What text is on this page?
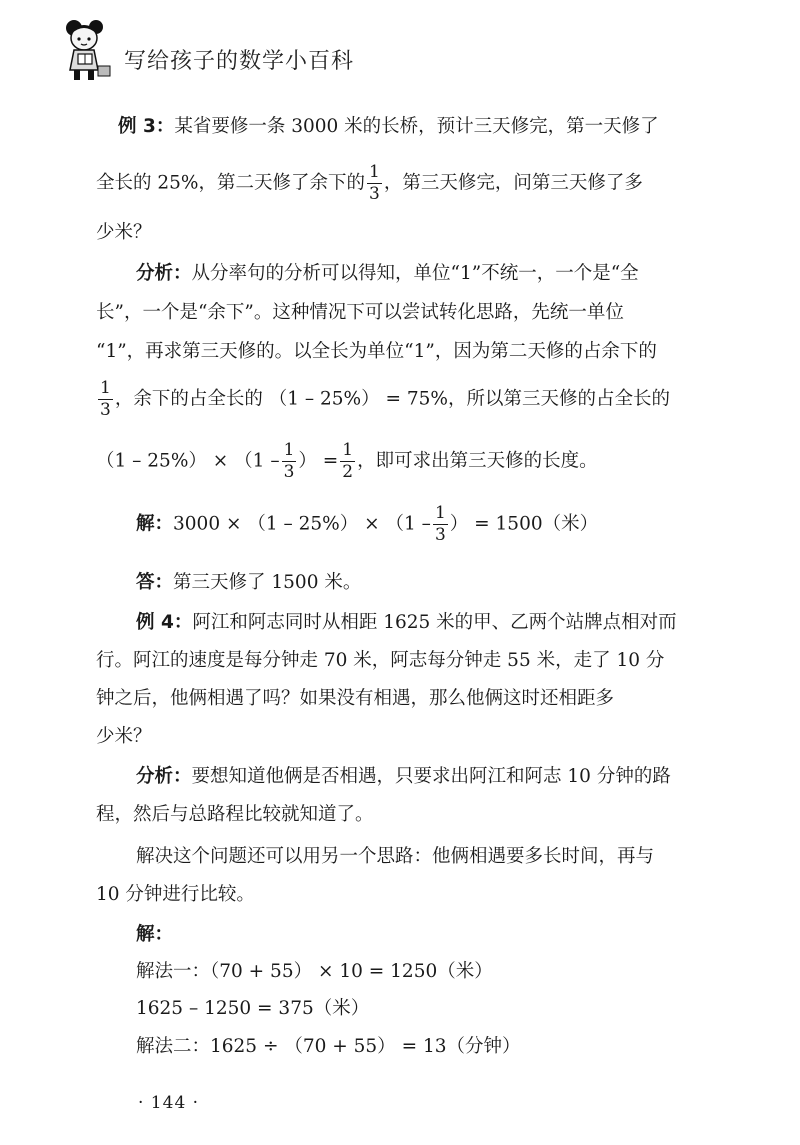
写给孩子的数学小百科
例 3：某省要修一条 3000 米的长桥，预计三天修完，第一天修了
全长的 25%，第二天修了余下的 $\frac{1}{3}$ ，第三天修完，问第三天修了多
少米？
分析：从分率句的分析可以得知，单位“1”不统一，一个是“全
长”，一个是“余下”。这种情况下可以尝试转化思路，先统一单位
“1”，再求第三天修的。以全长为单位“1”，因为第二天修的占余下的
$\frac{1}{3}$ ，余下的占全长的 （1 – 25%） = 75%，所以第三天修的占全长的
$(1 - 25\%) \times (1 - \frac{1}{3}$ ） = $\frac{1}{2}$ ，即可求出第三天修的长度。
解：$3000 \times (1 - 25\%) \times (1 - \frac{1}{3}$ ） = 1500（米）
答：第三天修了 1500 米。
例 4：阿江和阿志同时从相距 1625 米的甲、乙两个站牌点相对而
行。阿江的速度是每分钟走 70 米，阿志每分钟走 55 米，走了 10 分
钟之后，他俩相遇了吗？如果没有相遇，那么他俩这时还相距多
少米？
分析：要想知道他俩是否相遇，只要求出阿江和阿志 10 分钟的路
程，然后与总路程比较就知道了。
解决这个问题还可以用另一个思路：他俩相遇要多长时间，再与
10 分钟进行比较。
解：
解法一：（70 + 55） × 10 = 1250（米）
1625 – 1250 = 375（米）
解法二：1625 ÷ （70 + 55） = 13（分钟）
· 144 ·
